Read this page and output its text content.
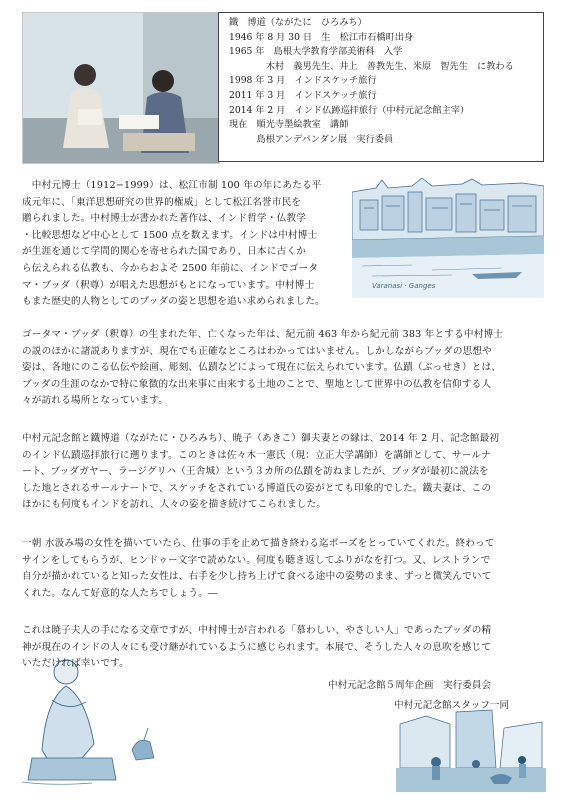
鐵　博道（ながたに　ひろみち）
1946 年 8 月 30 日　生　松江市石橋町出身
1965 年　島根大学教育学部美術科　入学
　　　　木村　義男先生、井上　善教先生、米原　智先生　に教わる
1998 年 3 月　インドスケッチ旅行
2011 年 3 月　インドスケッチ旅行
2014 年 2 月　インド仏跡巡拝旅行（中村元記念館主宰）
現在　順光寺墨絵教室　講師
　　　島根アンデパンダン展　実行委員
　中村元博士（1912−1999）は、松江市制 100 年の年にあたる平
成元年に、「東洋思想研究の世界的権威」として松江名誉市民を
贈られました。中村博士が書かれた著作は、インド哲学・仏教学
・比較思想など中心として 1500 点を数えます。インドは中村博士
が生涯を通じて学問的関心を寄せられた国であり、日本に古くか
ら伝えられる仏教も、今からおよそ 2500 年前に、インドでゴータ
マ・ブッダ（釈尊）が唱えた思想がもとになっています。中村博士
もまた歴史的人物としてのブッダの姿と思想を追い求められました。
Varanasi · Ganges
ゴータマ・ブッダ（釈尊）の生まれた年、亡くなった年は、紀元前 463 年から紀元前 383 年とする中村博士
の説のほかに諸説ありますが、現在でも正確なところはわかってはいません。しかしながらブッダの思想や
姿は、各地にのこる仏伝や絵画、彫刻、仏蹟などによって現在に伝えられています。仏蹟（ぶっせき）とは、
ブッダの生涯のなかで特に象徴的な出来事に由来する土地のことで、聖地として世界中の仏教を信仰する人
々が訪れる場所となっています。
中村元記念館と鐵博道（ながたに・ひろみち）、暁子（あきこ）御夫妻との縁は、2014 年 2 月、記念館最初
のインド仏蹟巡拝旅行に遡ります。このときは佐々木一憲氏（現：立正大学講師）を講師として、サールナ
ート、ブッダガヤー、ラージグリハ（王舎城）という３カ所の仏蹟を訪ねましたが、ブッダが最初に説法を
した地とされるサールナートで、スケッチをされている博道氏の姿がとても印象的でした。鐵夫妻は、この
ほかにも何度もインドを訪れ、人々の姿を描き続けてこられました。
一朝 水汲み場の女性を描いていたら、仕事の手を止めて描き終わる迄ポーズをとっていてくれた。終わって
サインをしてもらうが、ヒンドゥー文字で読めない。何度も聴き返してふりがなを打つ。又、レストランで
自分が描かれていると知った女性は、右手を少し持ち上げて食べる途中の姿勢のまま、ずっと微笑んでいて
くれた。なんて好意的な人たちでしょう。―
これは暁子夫人の手になる文章ですが、中村博士が言われる「慕わしい、やさしい人」であったブッダの精
神が現在のインドの人々にも受け継がれているように感じられます。本展で、そうした人々の息吹を感じて
いただければ幸いです。
中村元記念館５周年企画　実行委員会
中村元記念館スタッフ一同
